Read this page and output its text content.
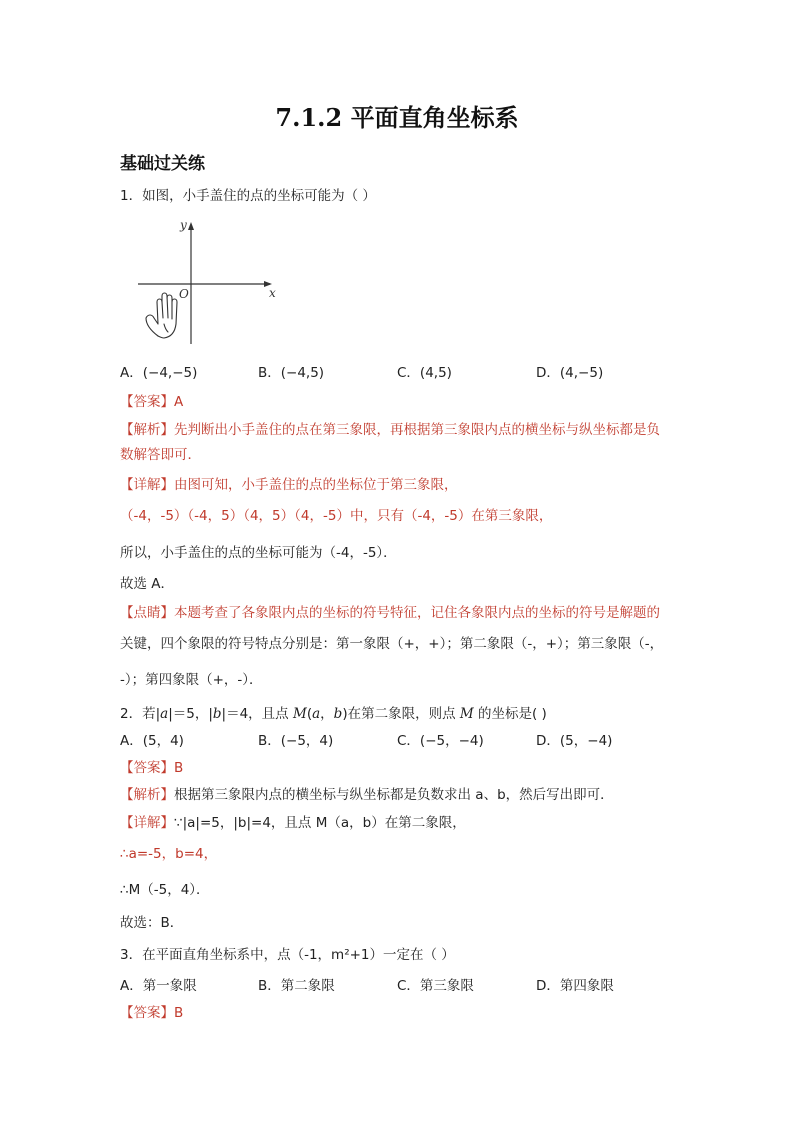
7.1.2 平面直角坐标系
基础过关练
1．如图，小手盖住的点的坐标可能为（ ）
y
x
O
A．(−4,−5)	B．(−4,5)	C．(4,5)	D．(4,−5)
【答案】A
【解析】先判断出小手盖住的点在第三象限，再根据第三象限内点的横坐标与纵坐标都是负
数解答即可．
【详解】由图可知，小手盖住的点的坐标位于第三象限，
（-4，-5）（-4，5）（4，5）（4，-5）中，只有（-4，-5）在第三象限，
所以，小手盖住的点的坐标可能为（-4，-5）．
故选 A．
【点睛】本题考查了各象限内点的坐标的符号特征，记住各象限内点的坐标的符号是解题的
关键，四个象限的符号特点分别是：第一象限（+，+）；第二象限（-，+）；第三象限（-，
-）；第四象限（+，-）．
2．若|a|＝5，|b|＝4，且点 M(a，b)在第二象限，则点 M 的坐标是( )
A．(5，4)	B．(−5，4)	C．(−5，−4)	D．(5，−4)
【答案】B
【解析】根据第三象限内点的横坐标与纵坐标都是负数求出 a、b，然后写出即可．
【详解】∵|a|=5，|b|=4，且点 M（a，b）在第二象限，
∴a=-5，b=4，
∴M（-5，4）．
故选：B．
3．在平面直角坐标系中，点（-1，m²+1）一定在（ ）
A．第一象限	B．第二象限	C．第三象限	D．第四象限
【答案】B
